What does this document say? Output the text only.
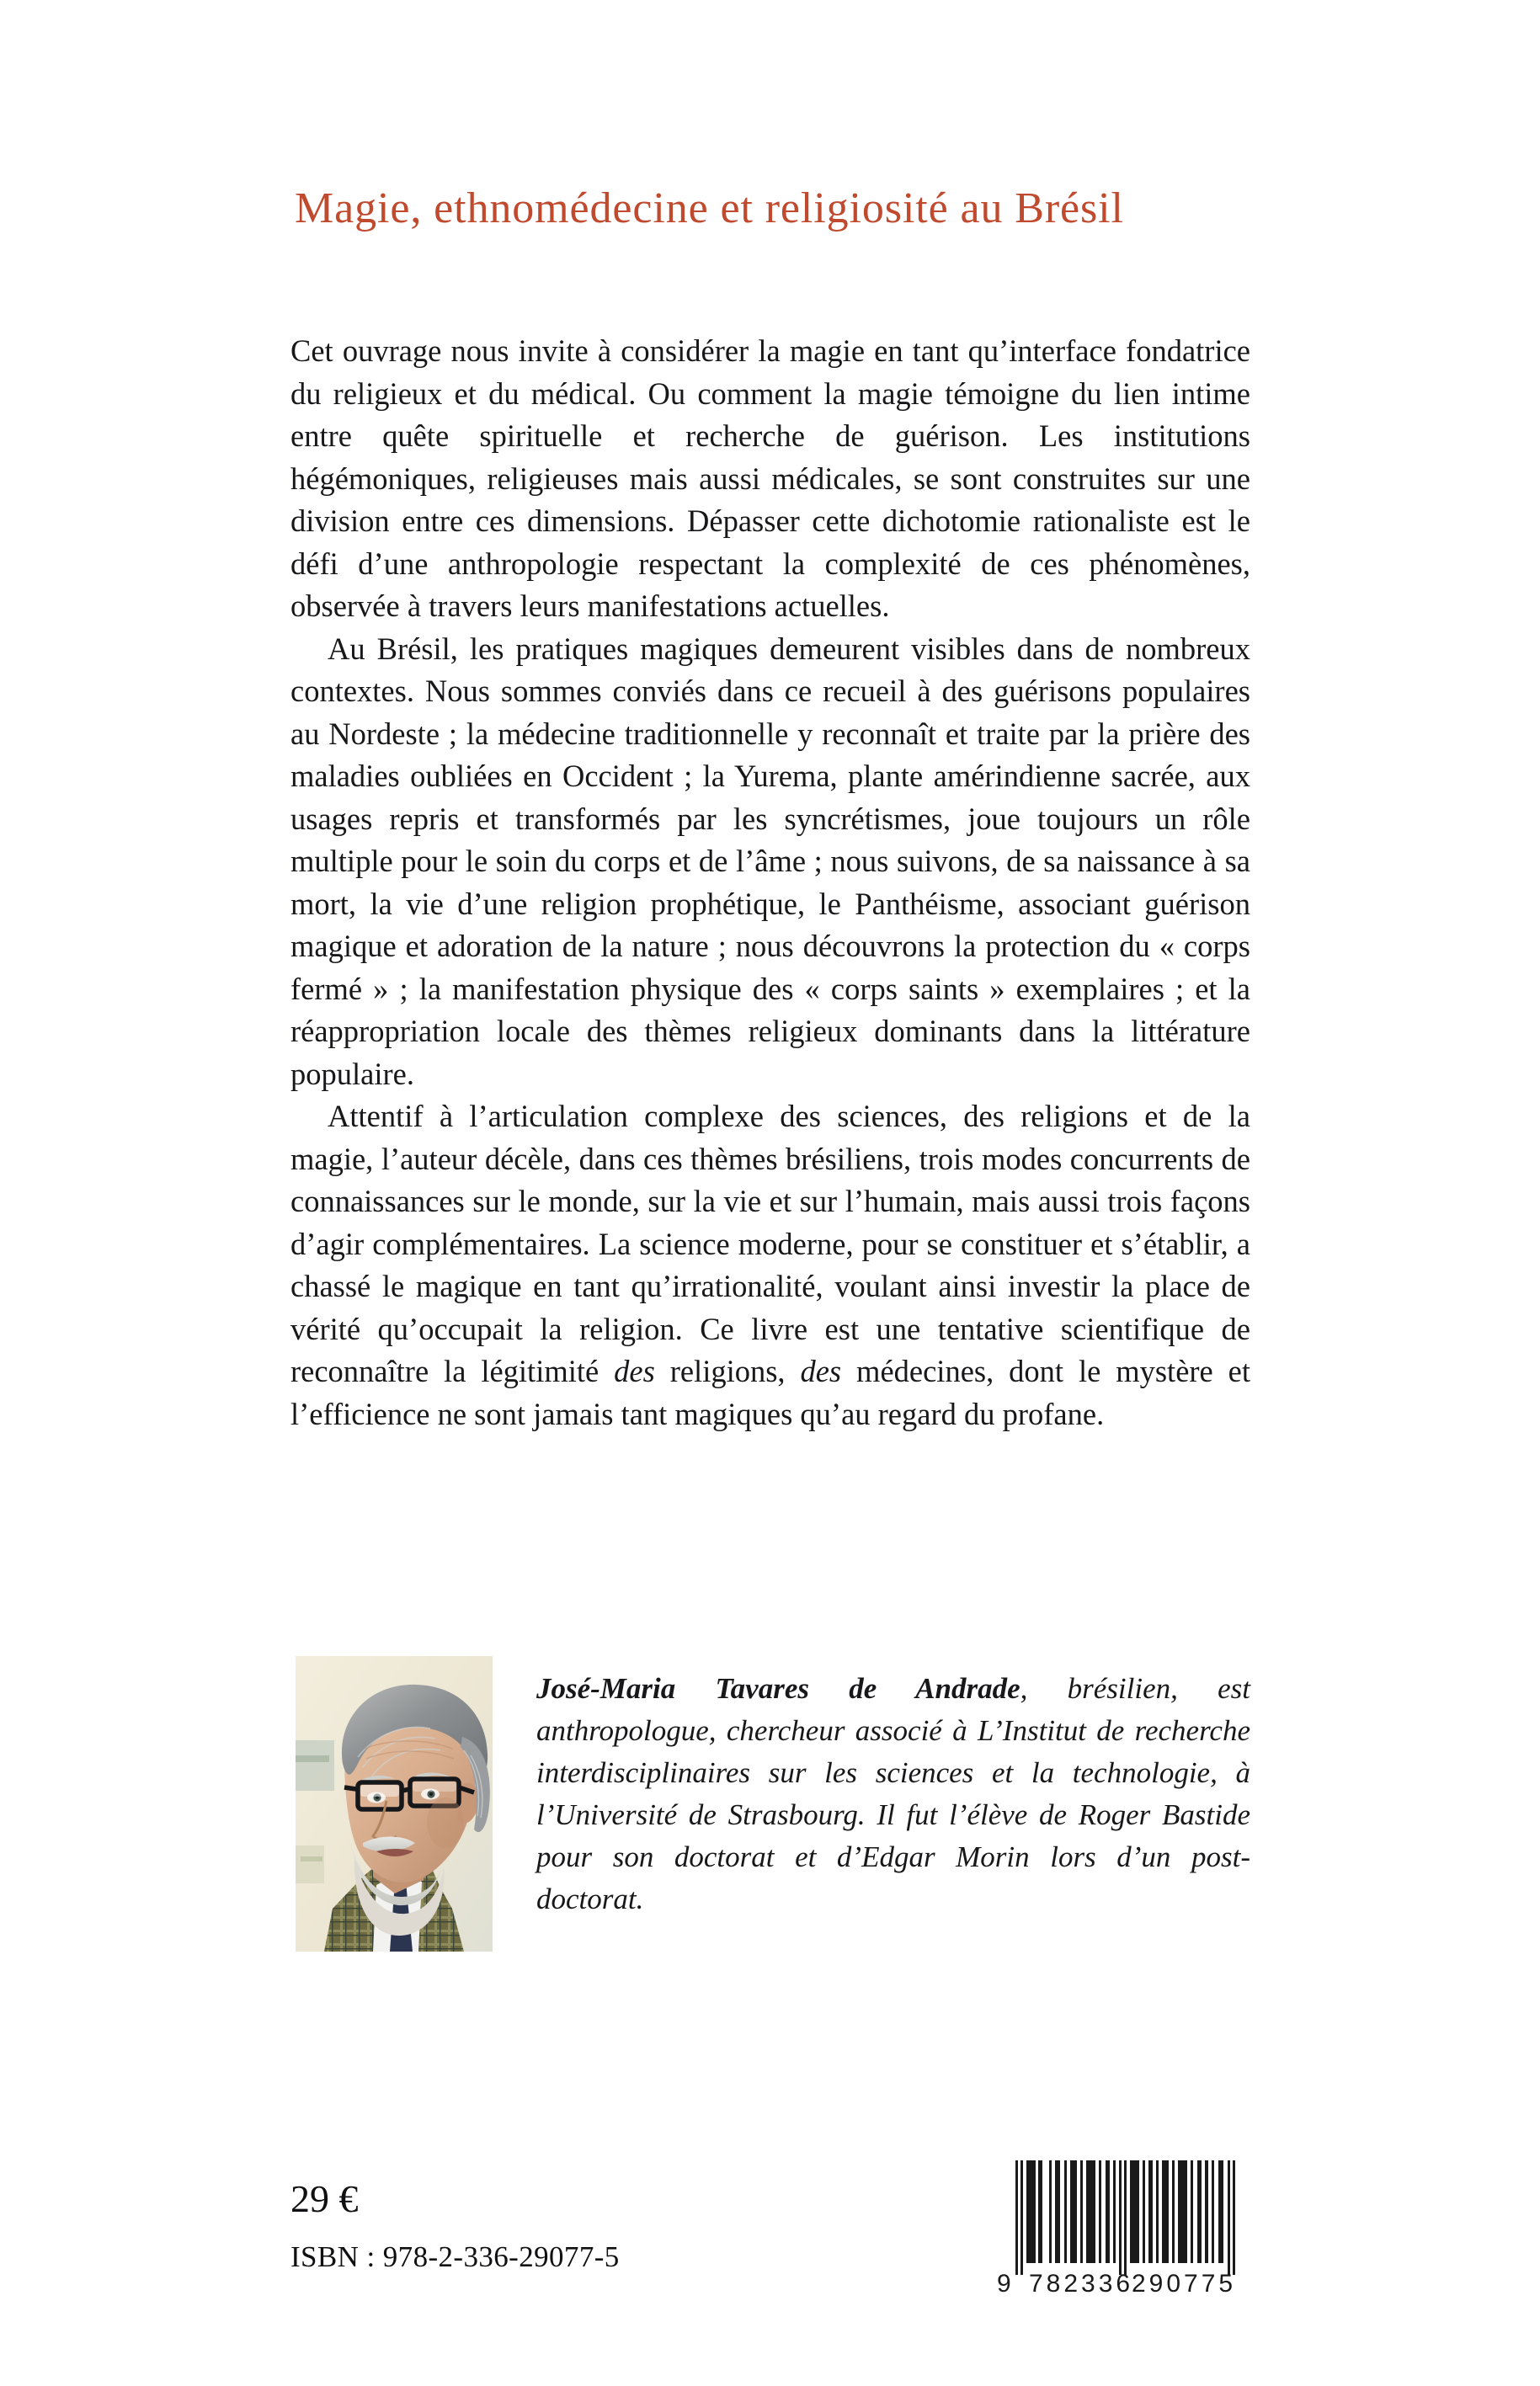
Magie, ethnomédecine et religiosité au Brésil

Cet ouvrage nous invite à considérer la magie en tant qu’interface fondatrice du religieux et du médical. Ou comment la magie témoigne du lien intime entre quête spirituelle et recherche de guérison. Les institutions hégémoniques, religieuses mais aussi médicales, se sont construites sur une division entre ces dimensions. Dépasser cette dichotomie rationaliste est le défi d’une anthropologie respectant la complexité de ces phénomènes, observée à travers leurs manifestations actuelles.

Au Brésil, les pratiques magiques demeurent visibles dans de nombreux contextes. Nous sommes conviés dans ce recueil à des guérisons populaires au Nordeste ; la médecine traditionnelle y reconnaît et traite par la prière des maladies oubliées en Occident ; la Yurema, plante amérindienne sacrée, aux usages repris et transformés par les syncrétismes, joue toujours un rôle multiple pour le soin du corps et de l’âme ; nous suivons, de sa naissance à sa mort, la vie d’une religion prophétique, le Panthéisme, associant guérison magique et adoration de la nature ; nous découvrons la protection du « corps fermé » ; la manifestation physique des « corps saints » exemplaires ; et la réappropriation locale des thèmes religieux dominants dans la littérature populaire.

Attentif à l’articulation complexe des sciences, des religions et de la magie, l’auteur décèle, dans ces thèmes brésiliens, trois modes concurrents de connaissances sur le monde, sur la vie et sur l’humain, mais aussi trois façons d’agir complémentaires. La science moderne, pour se constituer et s’établir, a chassé le magique en tant qu’irrationalité, voulant ainsi investir la place de vérité qu’occupait la religion. Ce livre est une tentative scientifique de reconnaître la légitimité des religions, des médecines, dont le mystère et l’efficience ne sont jamais tant magiques qu’au regard du profane.

José-Maria Tavares de Andrade, brésilien, est anthropologue, chercheur associé à L’Institut de recherche interdisciplinaires sur les sciences et la technologie, à l’Université de Strasbourg. Il fut l’élève de Roger Bastide pour son doctorat et d’Edgar Morin lors d’un post-doctorat.
29 €
ISBN : 978-2-336-29077-5
9 782336
290775
